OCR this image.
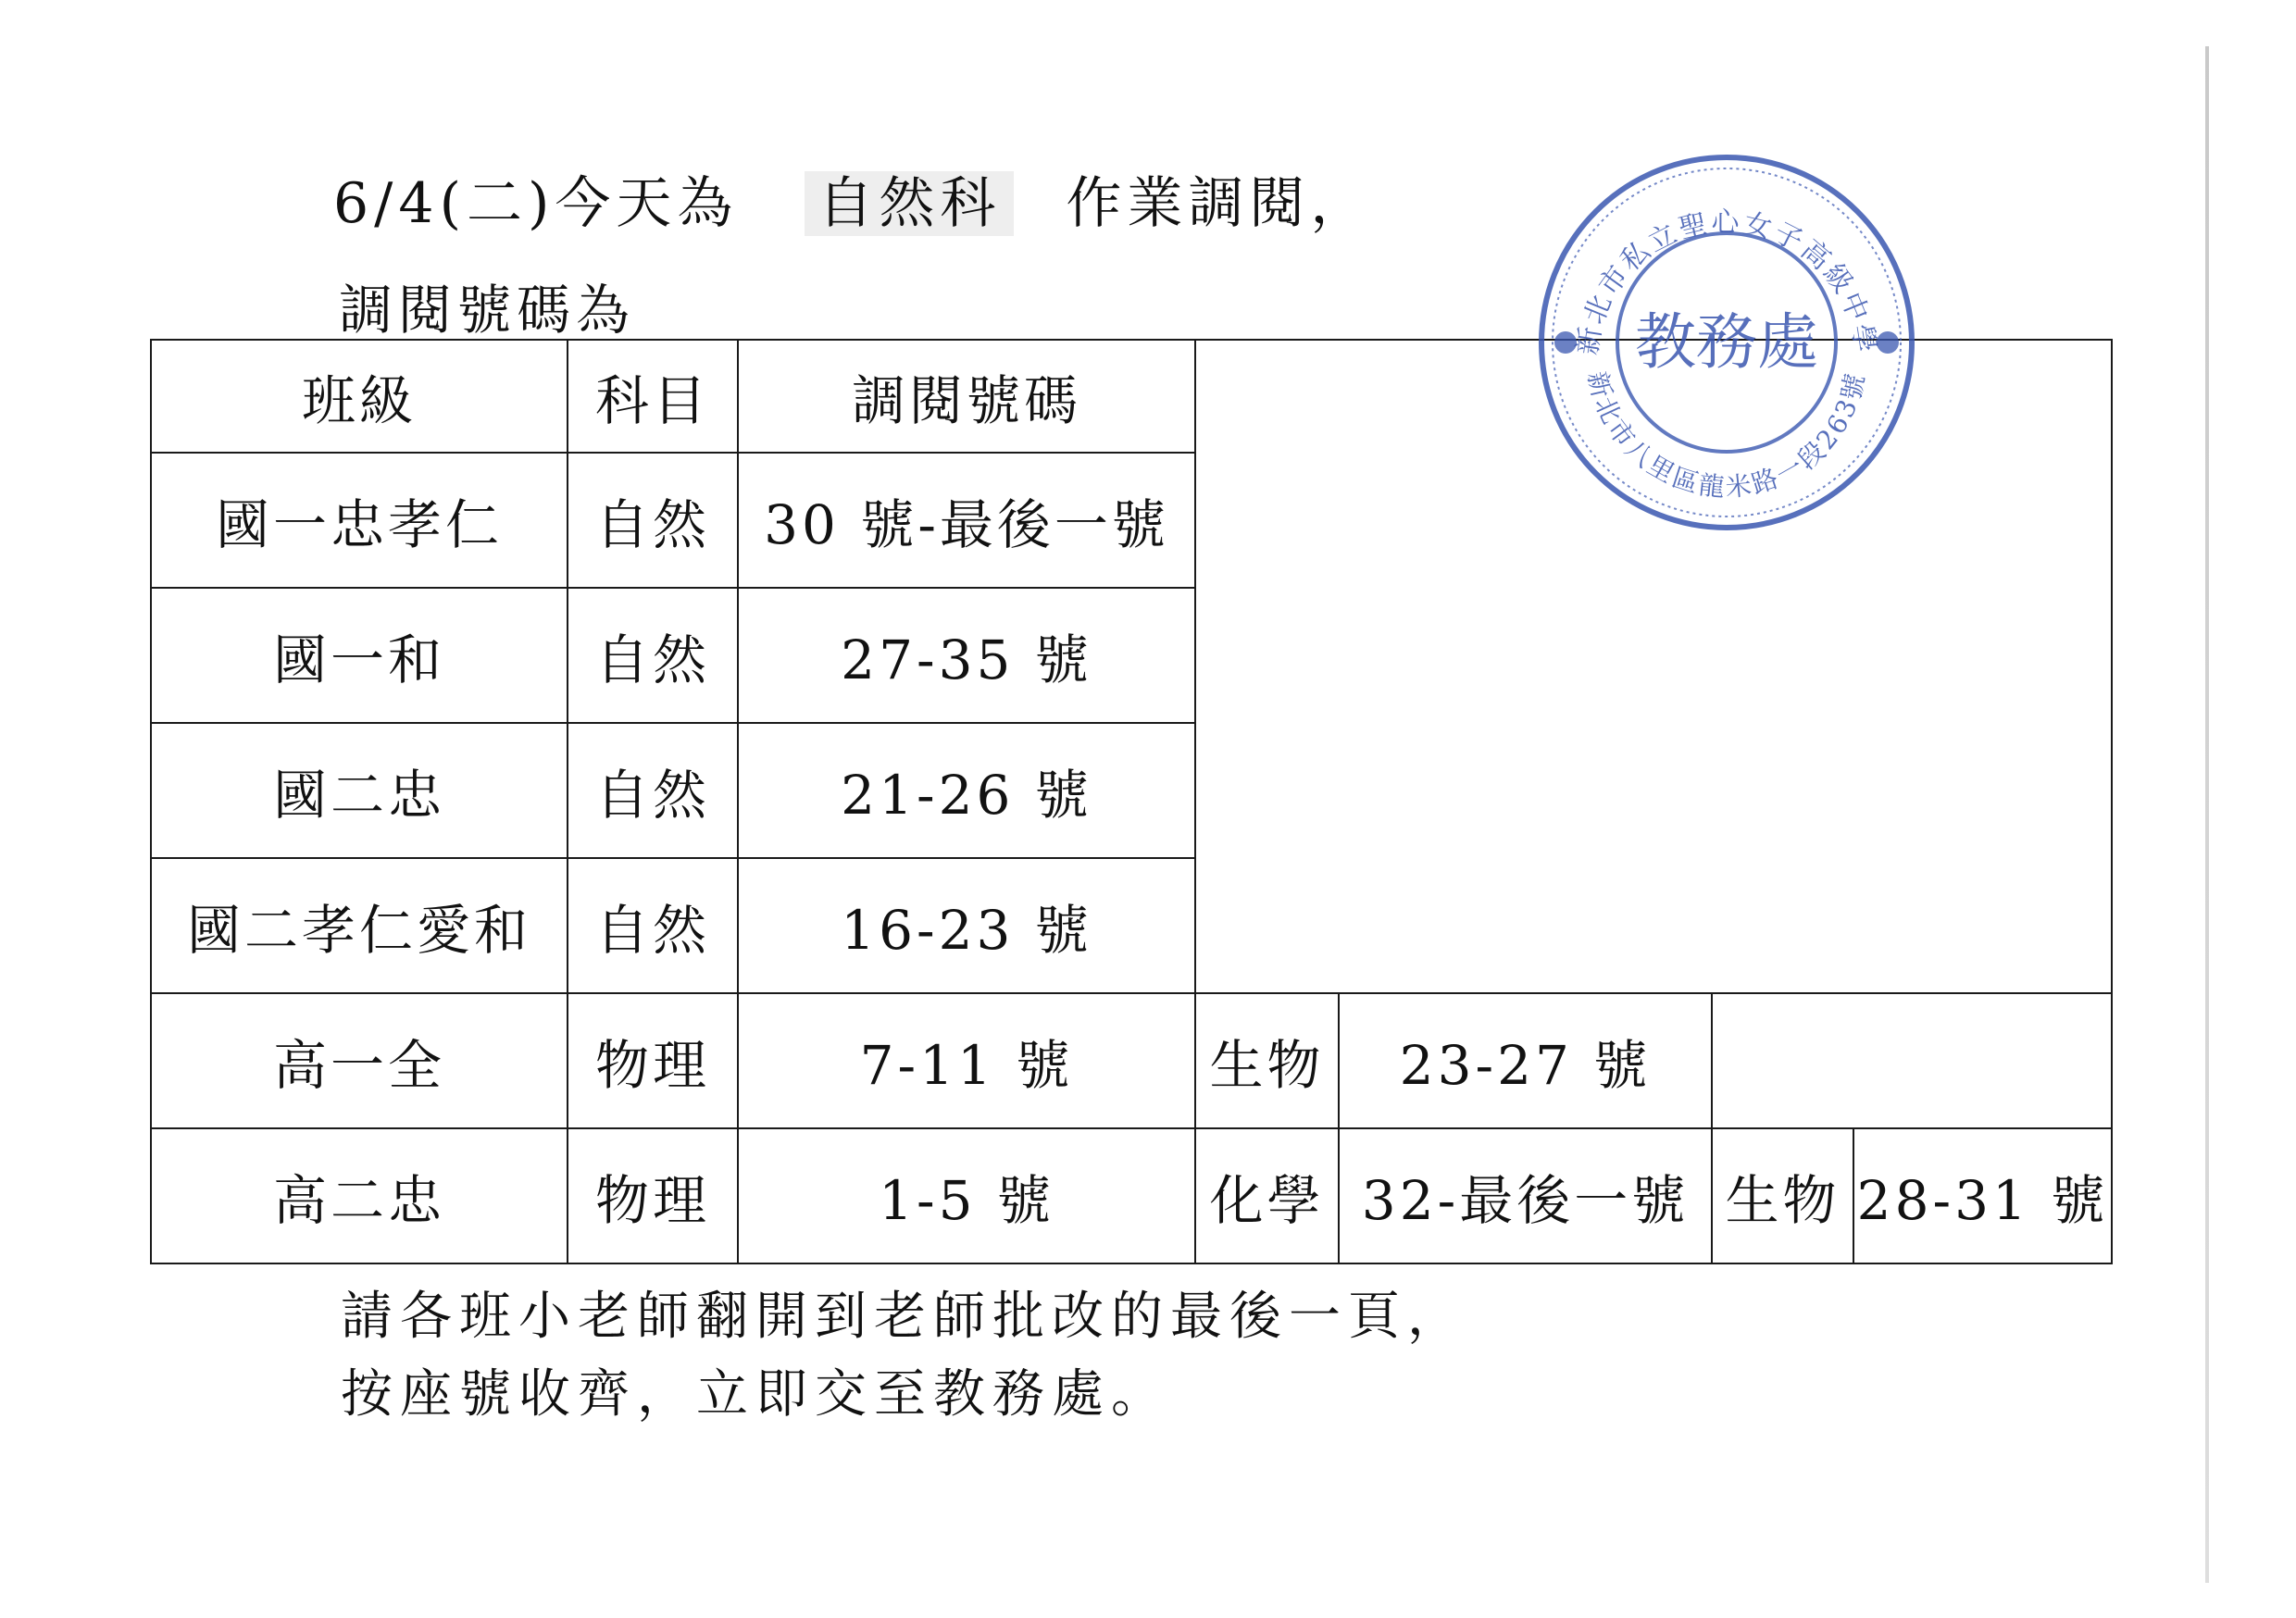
6/4(二)今天為 自然科 作業調閱，
調閱號碼為
班級	科目	調閱號碼				
國一忠孝仁	自然	30 號-最後一號				
國一和	自然	27-35 號				
國二忠	自然	21-26 號				
國二孝仁愛和	自然	16-23 號				
高一全	物理	7-11 號	生物	23-27 號		
高二忠	物理	1-5 號	化學	32-最後一號	生物	28-31 號
請各班小老師翻開到老師批改的最後一頁，
按座號收齊，立即交至教務處。
新北市私立聖心女子高級中學
新北市八里區龍米路一段263號
教務處
